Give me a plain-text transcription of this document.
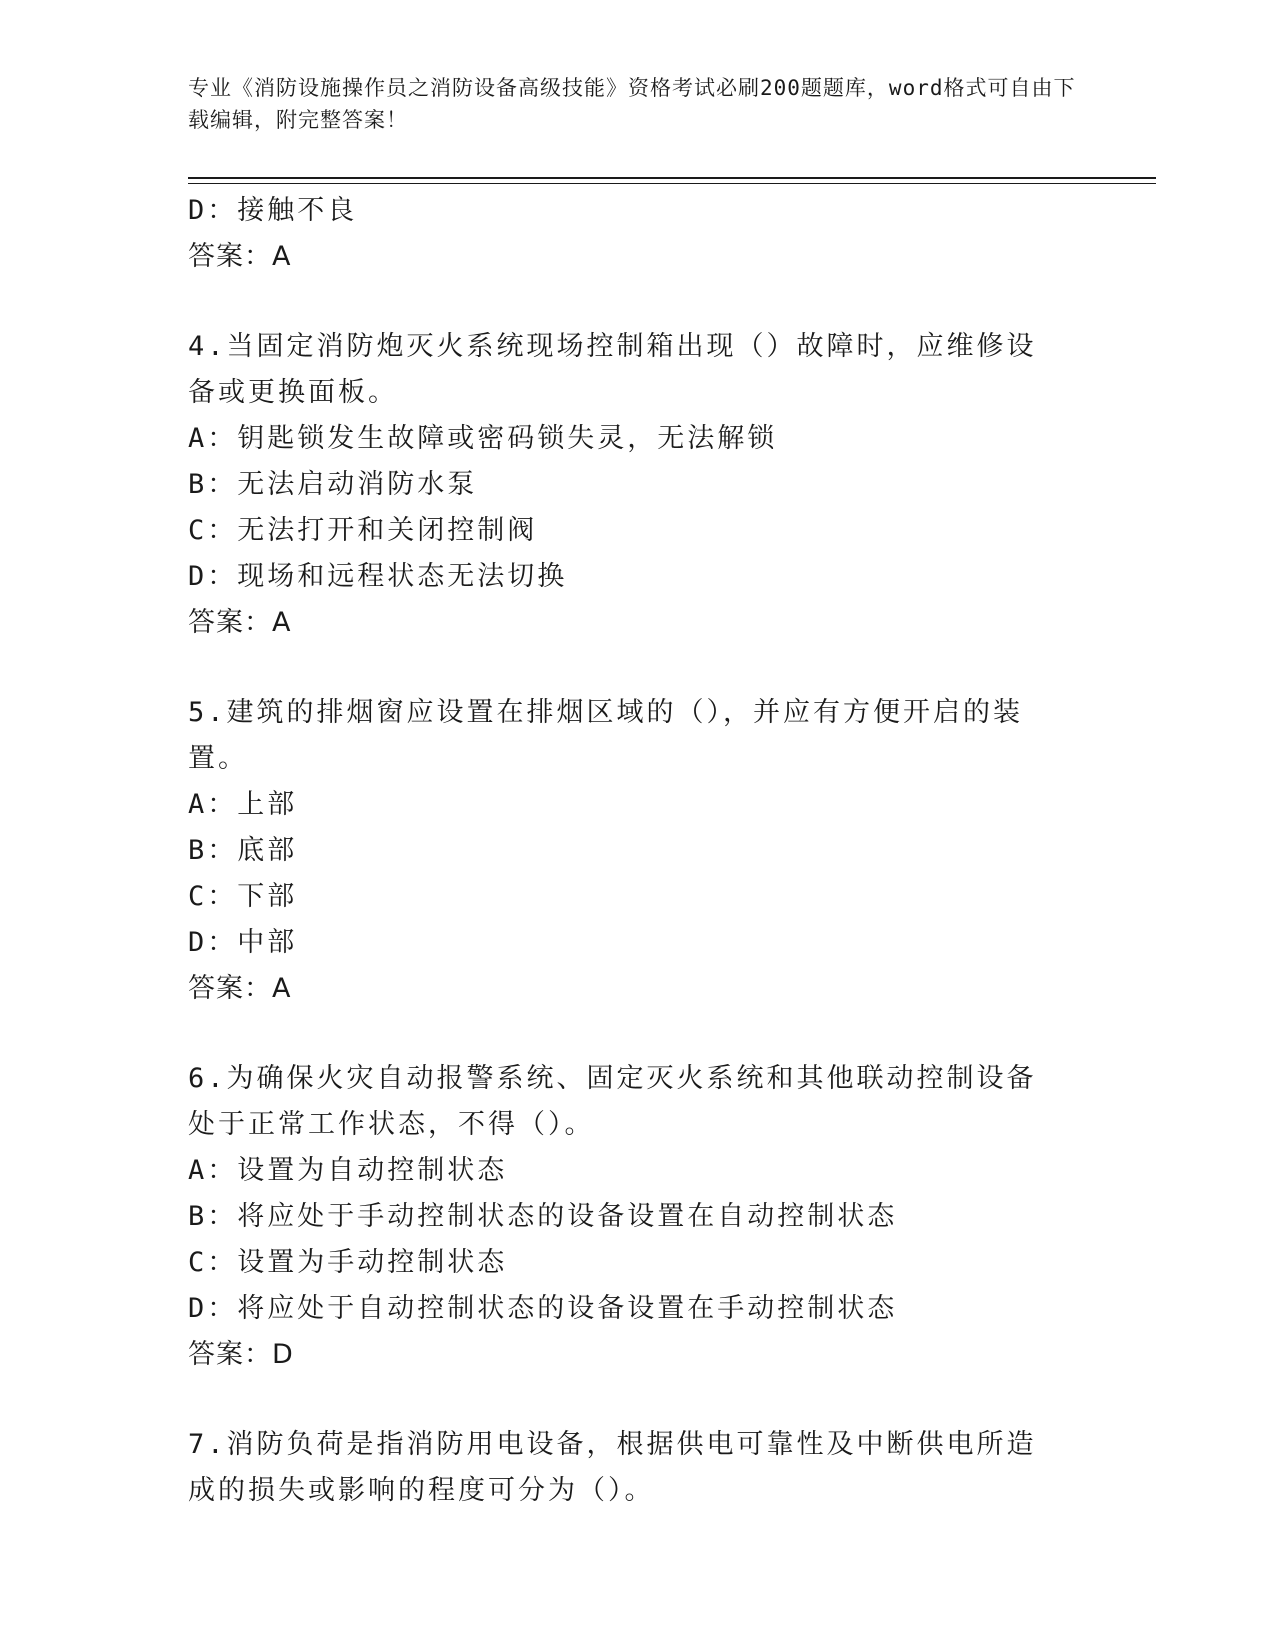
专业《消防设施操作员之消防设备高级技能》资格考试必刷200题题库，word格式可自由下载编辑，附完整答案！
D：接触不良
答案：A
4.当固定消防炮灭火系统现场控制箱出现（）故障时，应维修设备或更换面板。
A：钥匙锁发生故障或密码锁失灵，无法解锁
B：无法启动消防水泵
C：无法打开和关闭控制阀
D：现场和远程状态无法切换
答案：A
5.建筑的排烟窗应设置在排烟区域的（），并应有方便开启的装置。
A：上部
B：底部
C：下部
D：中部
答案：A
6.为确保火灾自动报警系统、固定灭火系统和其他联动控制设备处于正常工作状态，不得（）。
A：设置为自动控制状态
B：将应处于手动控制状态的设备设置在自动控制状态
C：设置为手动控制状态
D：将应处于自动控制状态的设备设置在手动控制状态
答案：D
7.消防负荷是指消防用电设备，根据供电可靠性及中断供电所造成的损失或影响的程度可分为（）。
